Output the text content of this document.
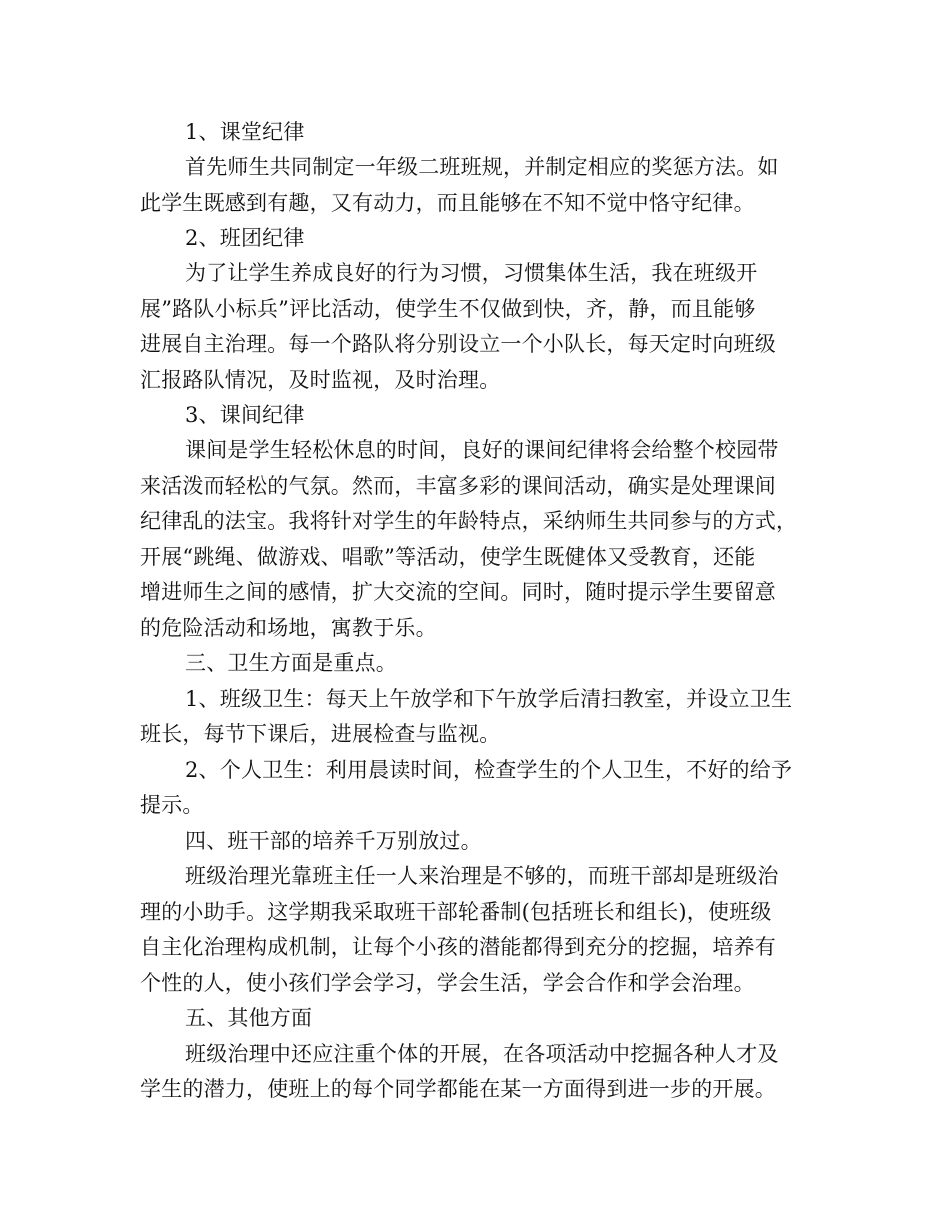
1、课堂纪律

首先师生共同制定一年级二班班规，并制定相应的奖惩方法。如

此学生既感到有趣，又有动力，而且能够在不知不觉中恪守纪律。

2、班团纪律

为了让学生养成良好的行为习惯，习惯集体生活，我在班级开

展”路队小标兵”评比活动，使学生不仅做到快，齐，静，而且能够

进展自主治理。每一个路队将分别设立一个小队长，每天定时向班级

汇报路队情况，及时监视，及时治理。

3、课间纪律

课间是学生轻松休息的时间，良好的课间纪律将会给整个校园带

来活泼而轻松的气氛。然而，丰富多彩的课间活动，确实是处理课间

纪律乱的法宝。我将针对学生的年龄特点，采纳师生共同参与的方式，

开展“跳绳、做游戏、唱歌”等活动，使学生既健体又受教育，还能

增进师生之间的感情，扩大交流的空间。同时，随时提示学生要留意

的危险活动和场地，寓教于乐。

三、卫生方面是重点。

1、班级卫生：每天上午放学和下午放学后清扫教室，并设立卫生

班长，每节下课后，进展检查与监视。

2、个人卫生：利用晨读时间，检查学生的个人卫生，不好的给予

提示。

四、班干部的培养千万别放过。

班级治理光靠班主任一人来治理是不够的，而班干部却是班级治

理的小助手。这学期我采取班干部轮番制(包括班长和组长)，使班级

自主化治理构成机制，让每个小孩的潜能都得到充分的挖掘，培养有

个性的人，使小孩们学会学习，学会生活，学会合作和学会治理。

五、其他方面

班级治理中还应注重个体的开展，在各项活动中挖掘各种人才及

学生的潜力，使班上的每个同学都能在某一方面得到进一步的开展。
